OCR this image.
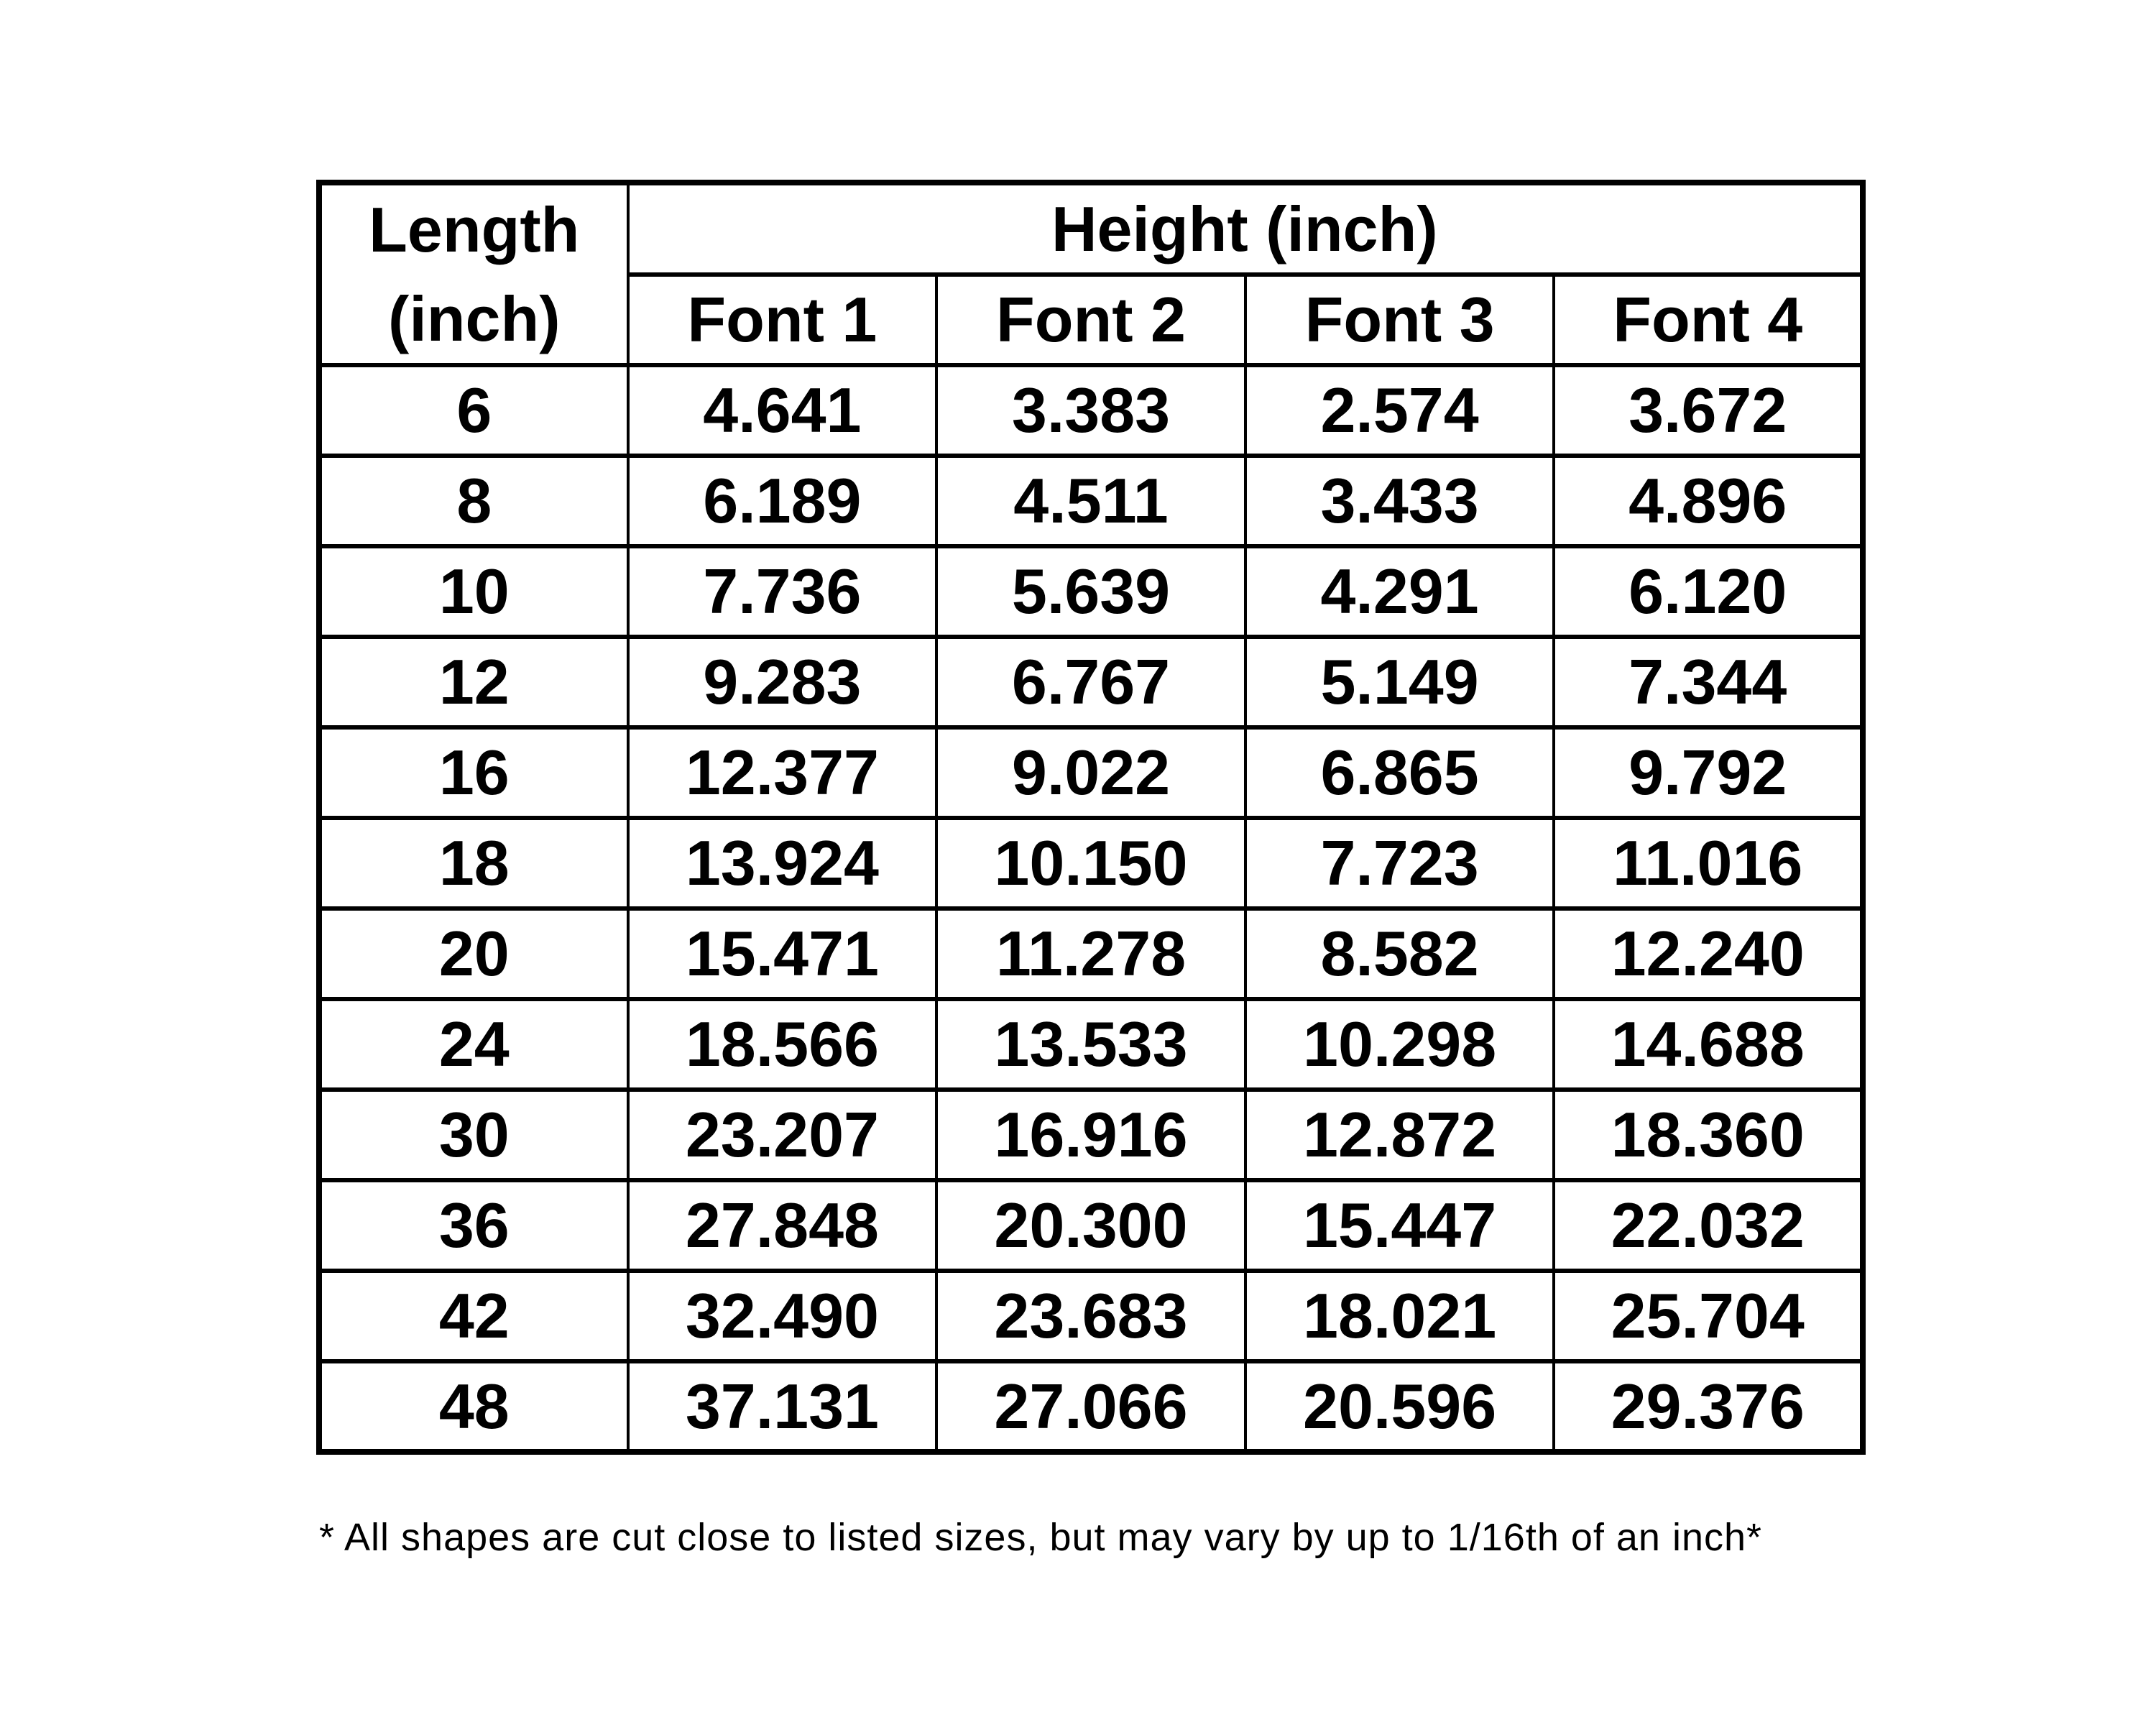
Length
(inch)	Height (inch)			
	Font 1	Font 2	Font 3	Font 4
6	4.641	3.383	2.574	3.672
8	6.189	4.511	3.433	4.896
10	7.736	5.639	4.291	6.120
12	9.283	6.767	5.149	7.344
16	12.377	9.022	6.865	9.792
18	13.924	10.150	7.723	11.016
20	15.471	11.278	8.582	12.240
24	18.566	13.533	10.298	14.688
30	23.207	16.916	12.872	18.360
36	27.848	20.300	15.447	22.032
42	32.490	23.683	18.021	25.704
48	37.131	27.066	20.596	29.376
* All shapes are cut close to listed sizes, but may vary by up to 1/16th of an inch*
